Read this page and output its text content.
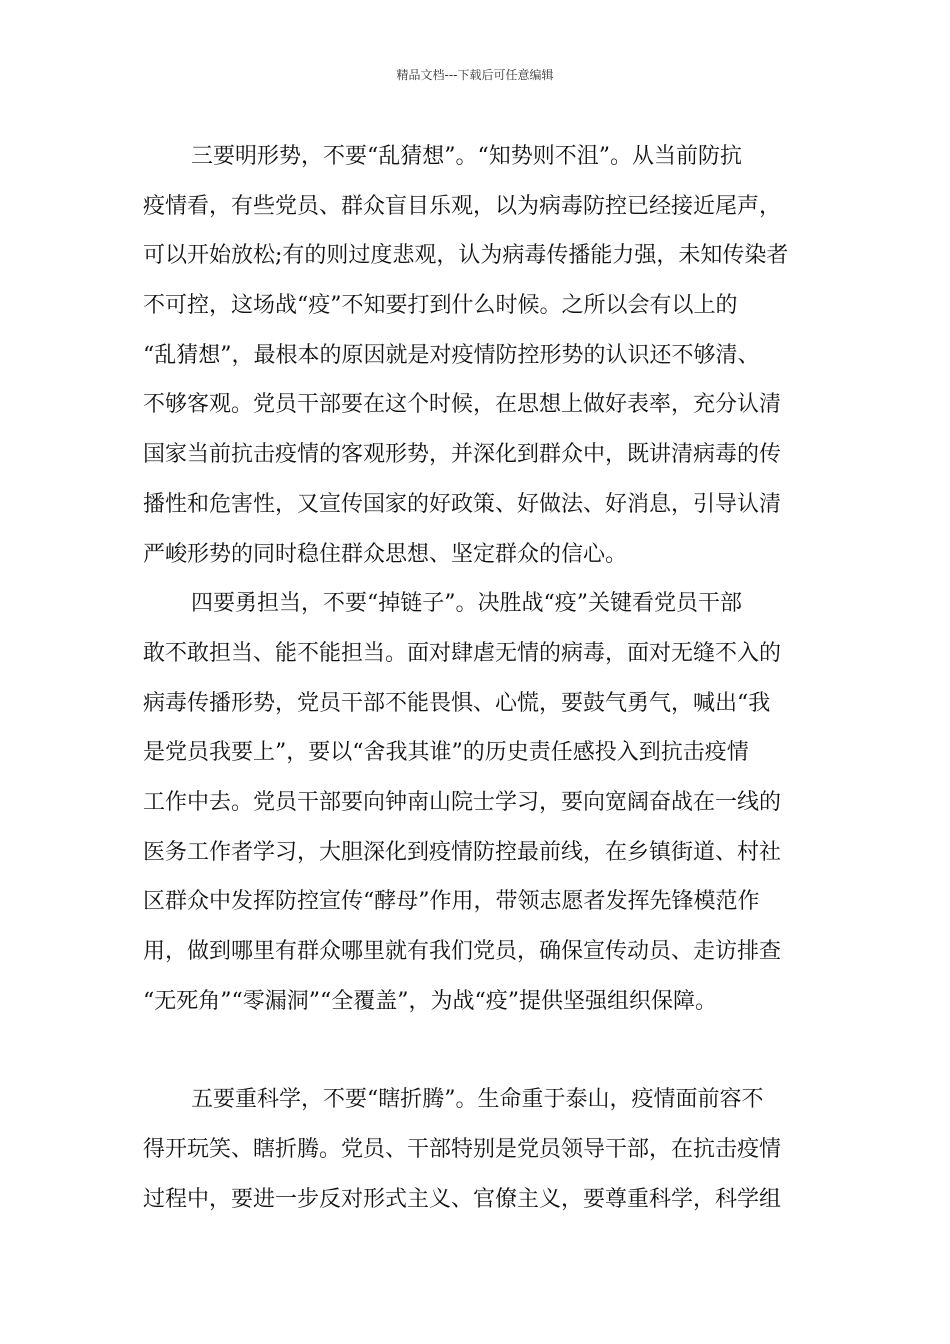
精品文档---下载后可任意编辑
三要明形势，不要“乱猜想”。“知势则不沮”。从当前防抗
疫情看，有些党员、群众盲目乐观，以为病毒防控已经接近尾声，
可以开始放松;有的则过度悲观，认为病毒传播能力强，未知传染者
不可控，这场战“疫”不知要打到什么时候。之所以会有以上的
“乱猜想”，最根本的原因就是对疫情防控形势的认识还不够清、
不够客观。党员干部要在这个时候，在思想上做好表率，充分认清
国家当前抗击疫情的客观形势，并深化到群众中，既讲清病毒的传
播性和危害性，又宣传国家的好政策、好做法、好消息，引导认清
严峻形势的同时稳住群众思想、坚定群众的信心。
四要勇担当，不要“掉链子”。决胜战“疫”关键看党员干部
敢不敢担当、能不能担当。面对肆虐无情的病毒，面对无缝不入的
病毒传播形势，党员干部不能畏惧、心慌，要鼓气勇气，喊出“我
是党员我要上”，要以“舍我其谁”的历史责任感投入到抗击疫情
工作中去。党员干部要向钟南山院士学习，要向宽阔奋战在一线的
医务工作者学习，大胆深化到疫情防控最前线，在乡镇街道、村社
区群众中发挥防控宣传“酵母”作用，带领志愿者发挥先锋模范作
用，做到哪里有群众哪里就有我们党员，确保宣传动员、走访排查
“无死角”“零漏洞”“全覆盖”，为战“疫”提供坚强组织保障。
五要重科学，不要“瞎折腾”。生命重于泰山，疫情面前容不
得开玩笑、瞎折腾。党员、干部特别是党员领导干部，在抗击疫情
过程中，要进一步反对形式主义、官僚主义，要尊重科学，科学组
